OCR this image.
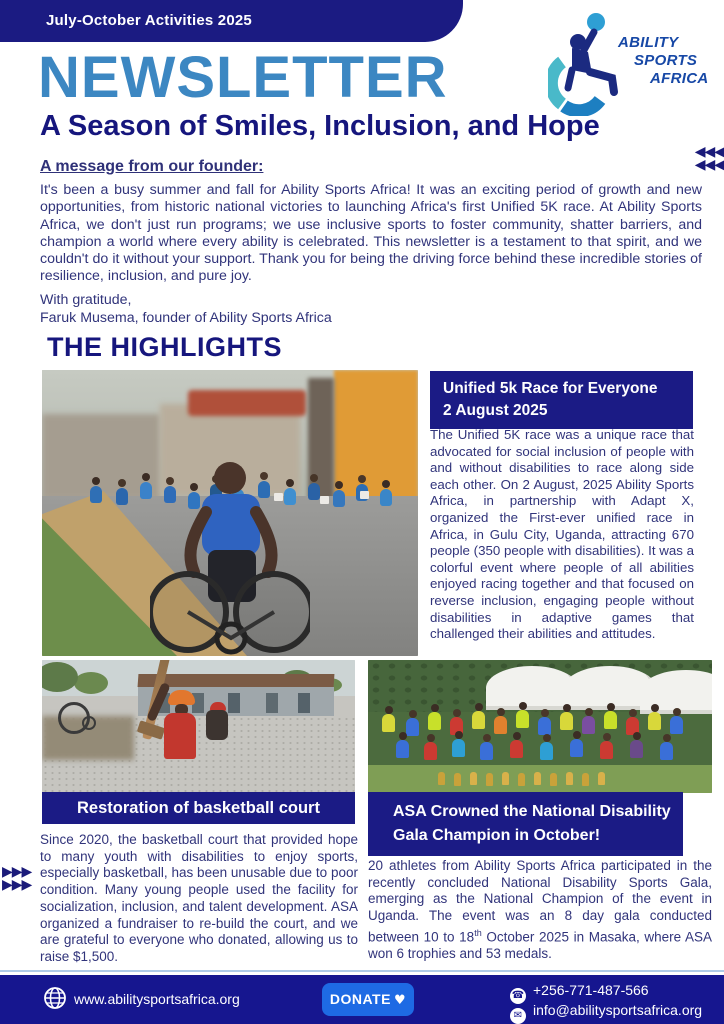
July-October Activities 2025
ABILITY
SPORTS
AFRICA
NEWSLETTER
A Season of Smiles, Inclusion, and Hope
◀◀◀
◀◀◀
▶▶▶
▶▶▶
A message from our founder:
It's been a busy summer and fall for Ability Sports Africa! It was an exciting period of growth and new opportunities, from historic national victories to launching Africa's first Unified 5K race. At Ability Sports Africa, we don't just run programs; we use inclusive sports to foster community, shatter barriers, and champion a world where every ability is celebrated. This newsletter is a testament to that spirit, and we couldn't do it without your support. Thank you for being the driving force behind these incredible stories of resilience, inclusion, and pure joy.
With gratitude,
Faruk Musema, founder of Ability Sports Africa
THE HIGHLIGHTS
Unified 5k Race for Everyone
2 August 2025
The Unified 5K race was a unique race that advocated for social inclusion of people with and without disabilities to race along side each other. On 2 August, 2025 Ability Sports Africa, in partnership with Adapt X, organized the First-ever unified race in Africa, in Gulu City, Uganda, attracting 670 people (350 people with disabilities). It was a colorful event where people of all abilities enjoyed racing together and that focused on reverse inclusion, engaging people without disabilities in adaptive games that challenged their abilities and attitudes.
Restoration of basketball court
Since 2020, the basketball court that provided hope to many youth with disabilities to enjoy sports, especially basketball, has been unusable due to poor condition. Many young people used the facility for socialization, inclusion, and talent development. ASA organized a fundraiser to re-build the court, and we are grateful to everyone who donated, allowing us to raise $1,500.
ASA Crowned the National Disability
Gala Champion in October!
20 athletes from Ability Sports Africa participated in the recently concluded National Disability Sports Gala, emerging as the National Champion of the event in Uganda. The event was an 8 day gala conducted between 10 to 18th October 2025 in Masaka, where ASA won 6 trophies and 53 medals.
www.abilitysportsafrica.org	DONATE ♥	☎ +256-771-487-566
✉ info@abilitysportsafrica.org
